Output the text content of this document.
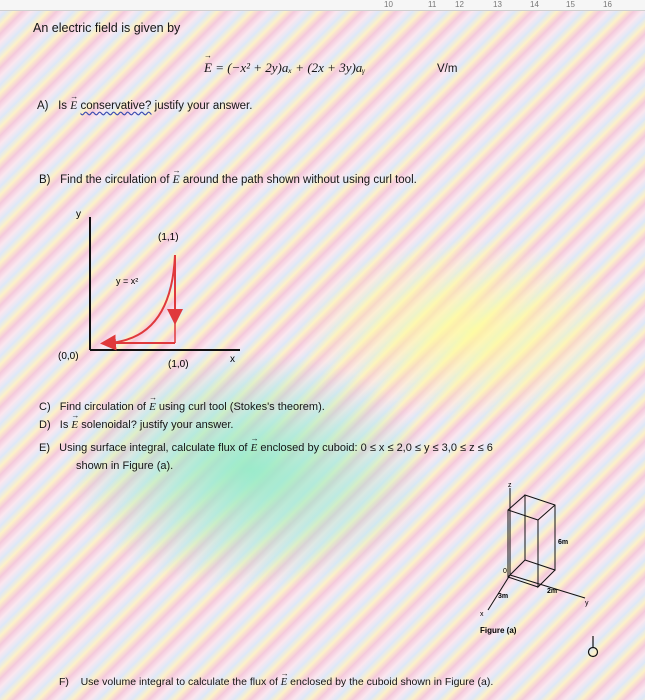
10	11 12	13	14	15	16
An electric field is given by
→ E = (−x² + 2y)aₓ + (2x + 3y)aᵧ	V/m
A) Is → E conservative? justify your answer.
B) Find the circulation of → E around the path shown without using curl tool.
y
x
(0,0)
(1,1)
(1,0)
y = x²
C) Find circulation of → E using curl tool (Stokes's theorem).
D) Is → E solenoidal? justify your answer.
E) Using surface integral, calculate flux of → E enclosed by cuboid: 0 ≤ x ≤ 2,0 ≤ y ≤ 3,0 ≤ z ≤ 6
shown in Figure (a).
z
y
x
0
6m
2m
3m
Figure (a)
F) Use volume integral to calculate the flux of → E enclosed by the cuboid shown in Figure (a).
